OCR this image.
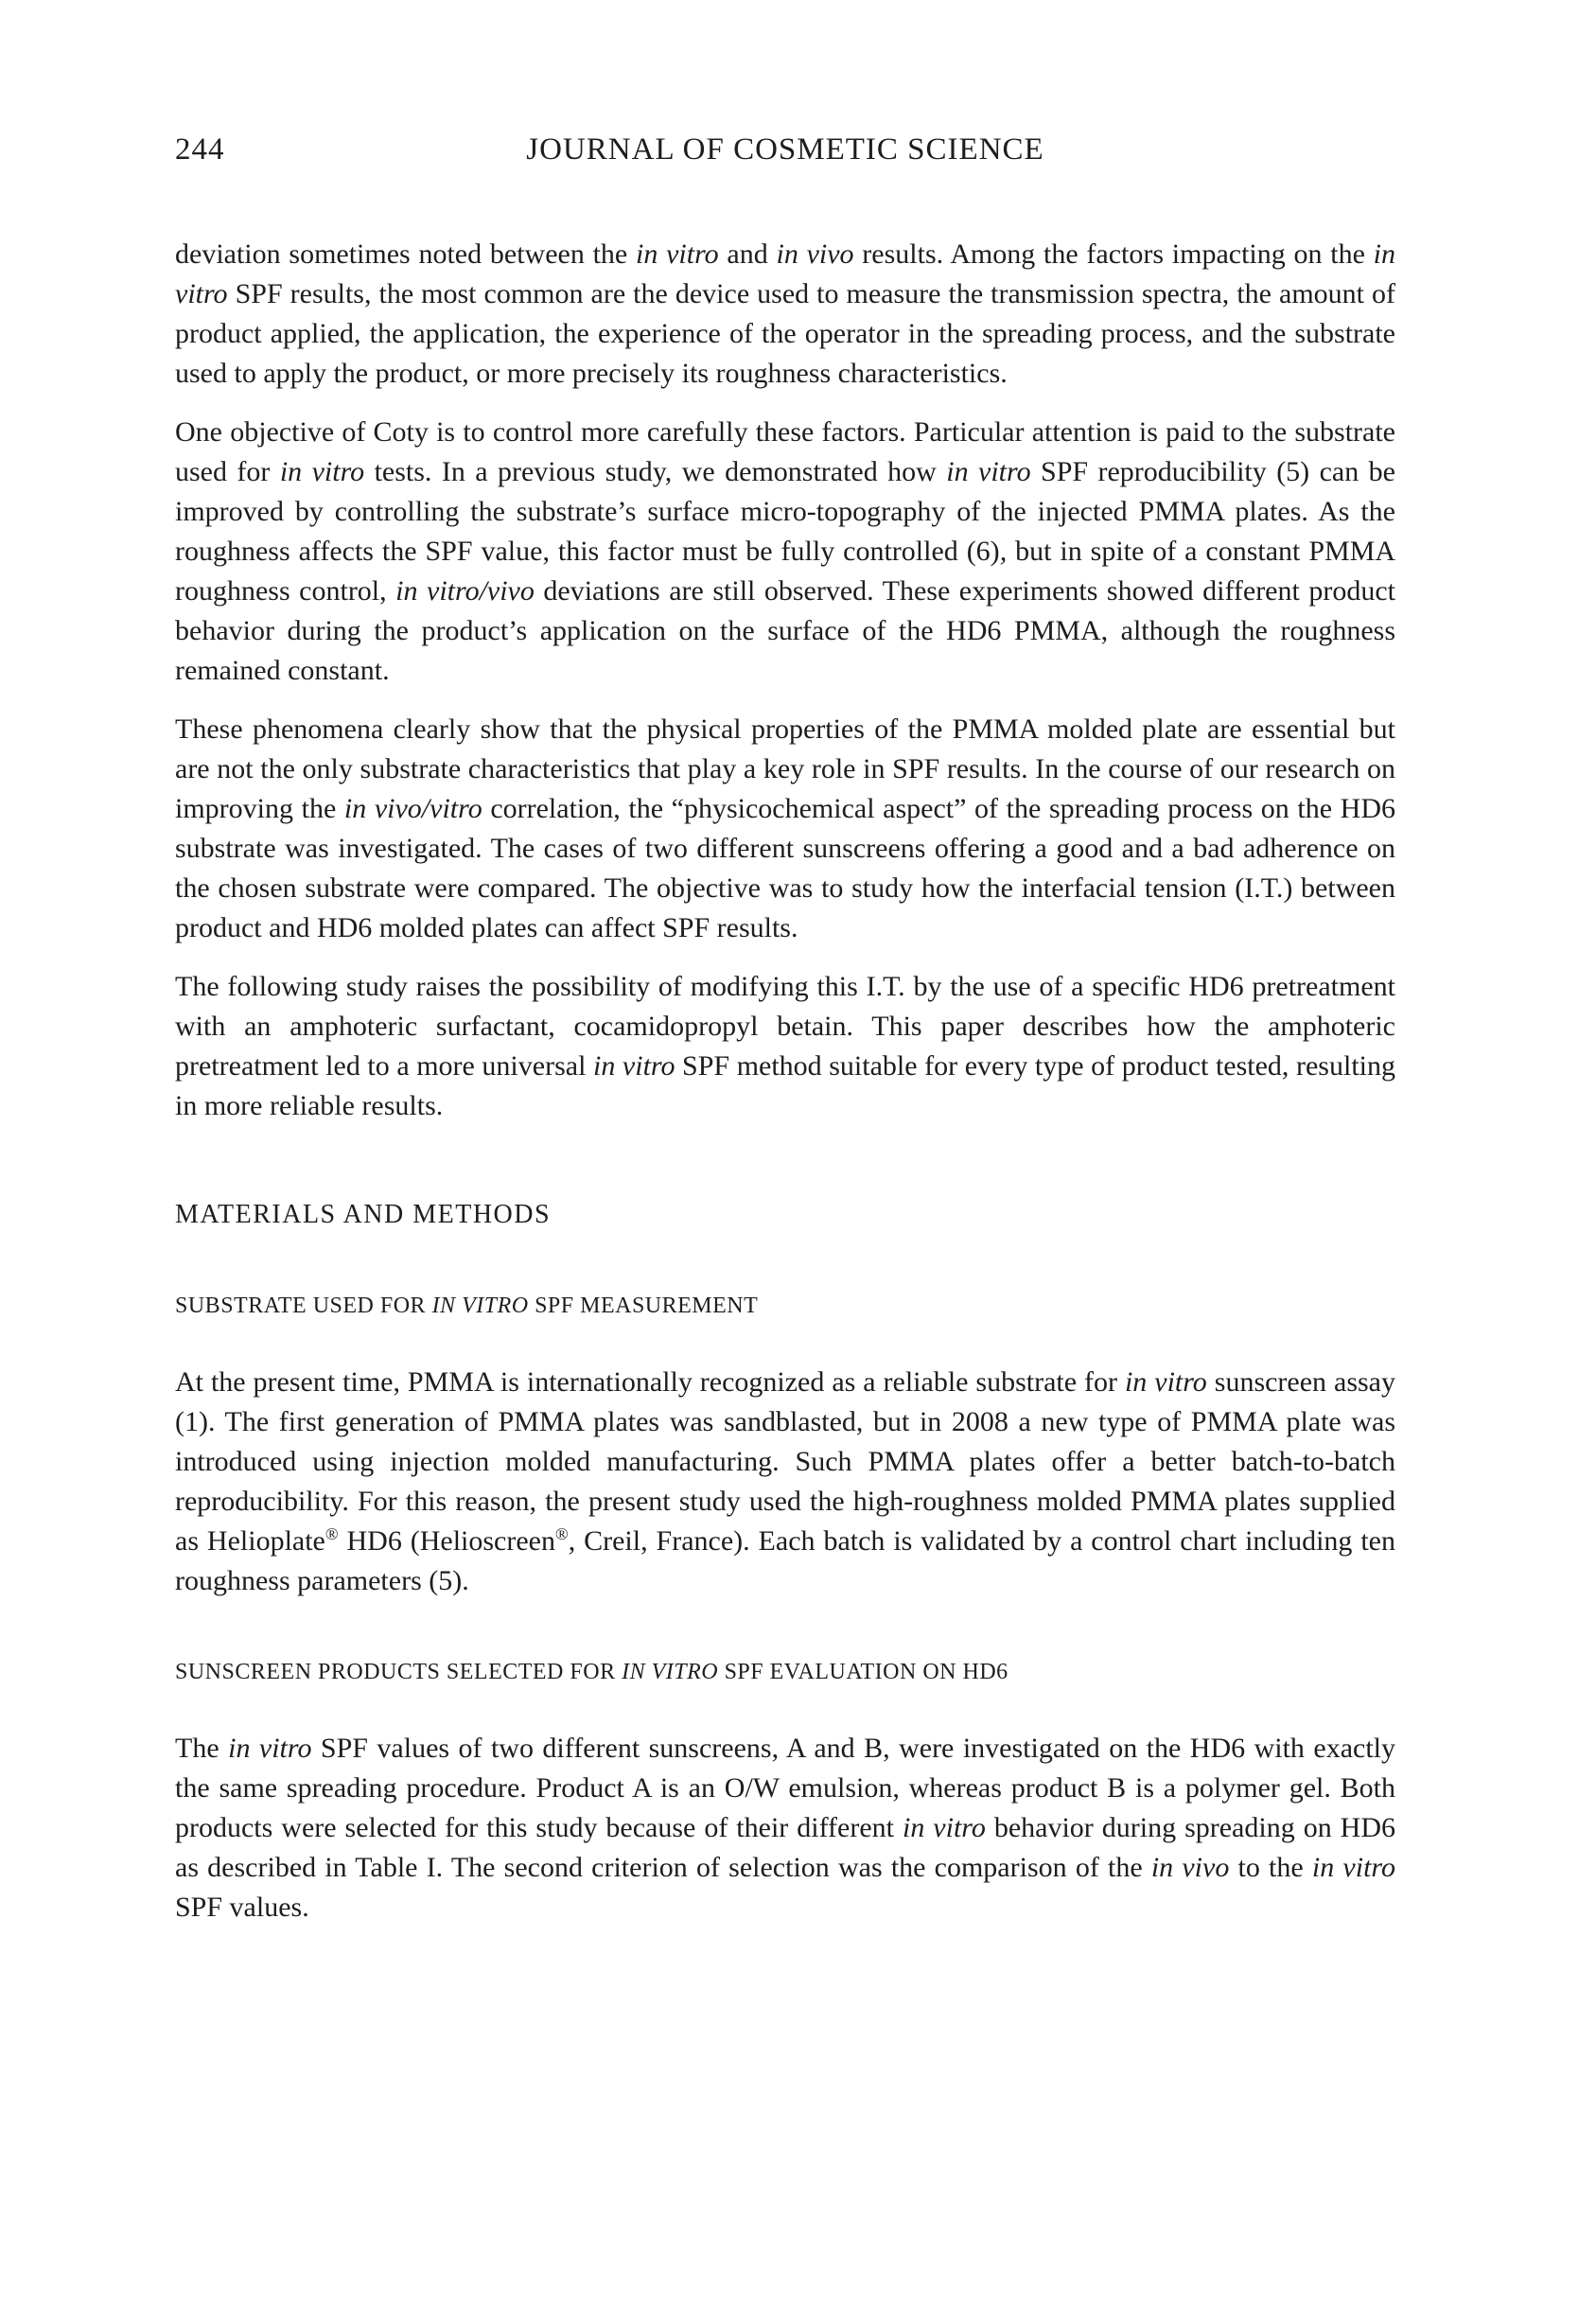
244	JOURNAL OF COSMETIC SCIENCE

deviation sometimes noted between the in vitro and in vivo results. Among the factors impacting on the in vitro SPF results, the most common are the device used to measure the transmission spectra, the amount of product applied, the application, the experience of the operator in the spreading process, and the substrate used to apply the product, or more precisely its roughness characteristics.

One objective of Coty is to control more carefully these factors. Particular attention is paid to the substrate used for in vitro tests. In a previous study, we demonstrated how in vitro SPF reproducibility (5) can be improved by controlling the substrate’s surface micro-topography of the injected PMMA plates. As the roughness affects the SPF value, this factor must be fully controlled (6), but in spite of a constant PMMA roughness control, in vitro/vivo deviations are still observed. These experiments showed different product behavior during the product’s application on the surface of the HD6 PMMA, although the roughness remained constant.

These phenomena clearly show that the physical properties of the PMMA molded plate are essential but are not the only substrate characteristics that play a key role in SPF results. In the course of our research on improving the in vivo/vitro correlation, the “physicochemical aspect” of the spreading process on the HD6 substrate was investigated. The cases of two different sunscreens offering a good and a bad adherence on the chosen substrate were compared. The objective was to study how the interfacial tension (I.T.) between product and HD6 molded plates can affect SPF results.

The following study raises the possibility of modifying this I.T. by the use of a specific HD6 pretreatment with an amphoteric surfactant, cocamidopropyl betain. This paper describes how the amphoteric pretreatment led to a more universal in vitro SPF method suitable for every type of product tested, resulting in more reliable results.

MATERIALS AND METHODS
SUBSTRATE USED FOR IN VITRO SPF MEASUREMENT

At the present time, PMMA is internationally recognized as a reliable substrate for in vitro sunscreen assay (1). The first generation of PMMA plates was sandblasted, but in 2008 a new type of PMMA plate was introduced using injection molded manufacturing. Such PMMA plates offer a better batch-to-batch reproducibility. For this reason, the present study used the high-roughness molded PMMA plates supplied as Helioplate® HD6 (Helioscreen®, Creil, France). Each batch is validated by a control chart including ten roughness parameters (5).

SUNSCREEN PRODUCTS SELECTED FOR IN VITRO SPF EVALUATION ON HD6

The in vitro SPF values of two different sunscreens, A and B, were investigated on the HD6 with exactly the same spreading procedure. Product A is an O/W emulsion, whereas product B is a polymer gel. Both products were selected for this study because of their different in vitro behavior during spreading on HD6 as described in Table I. The second criterion of selection was the comparison of the in vivo to the in vitro SPF values.
